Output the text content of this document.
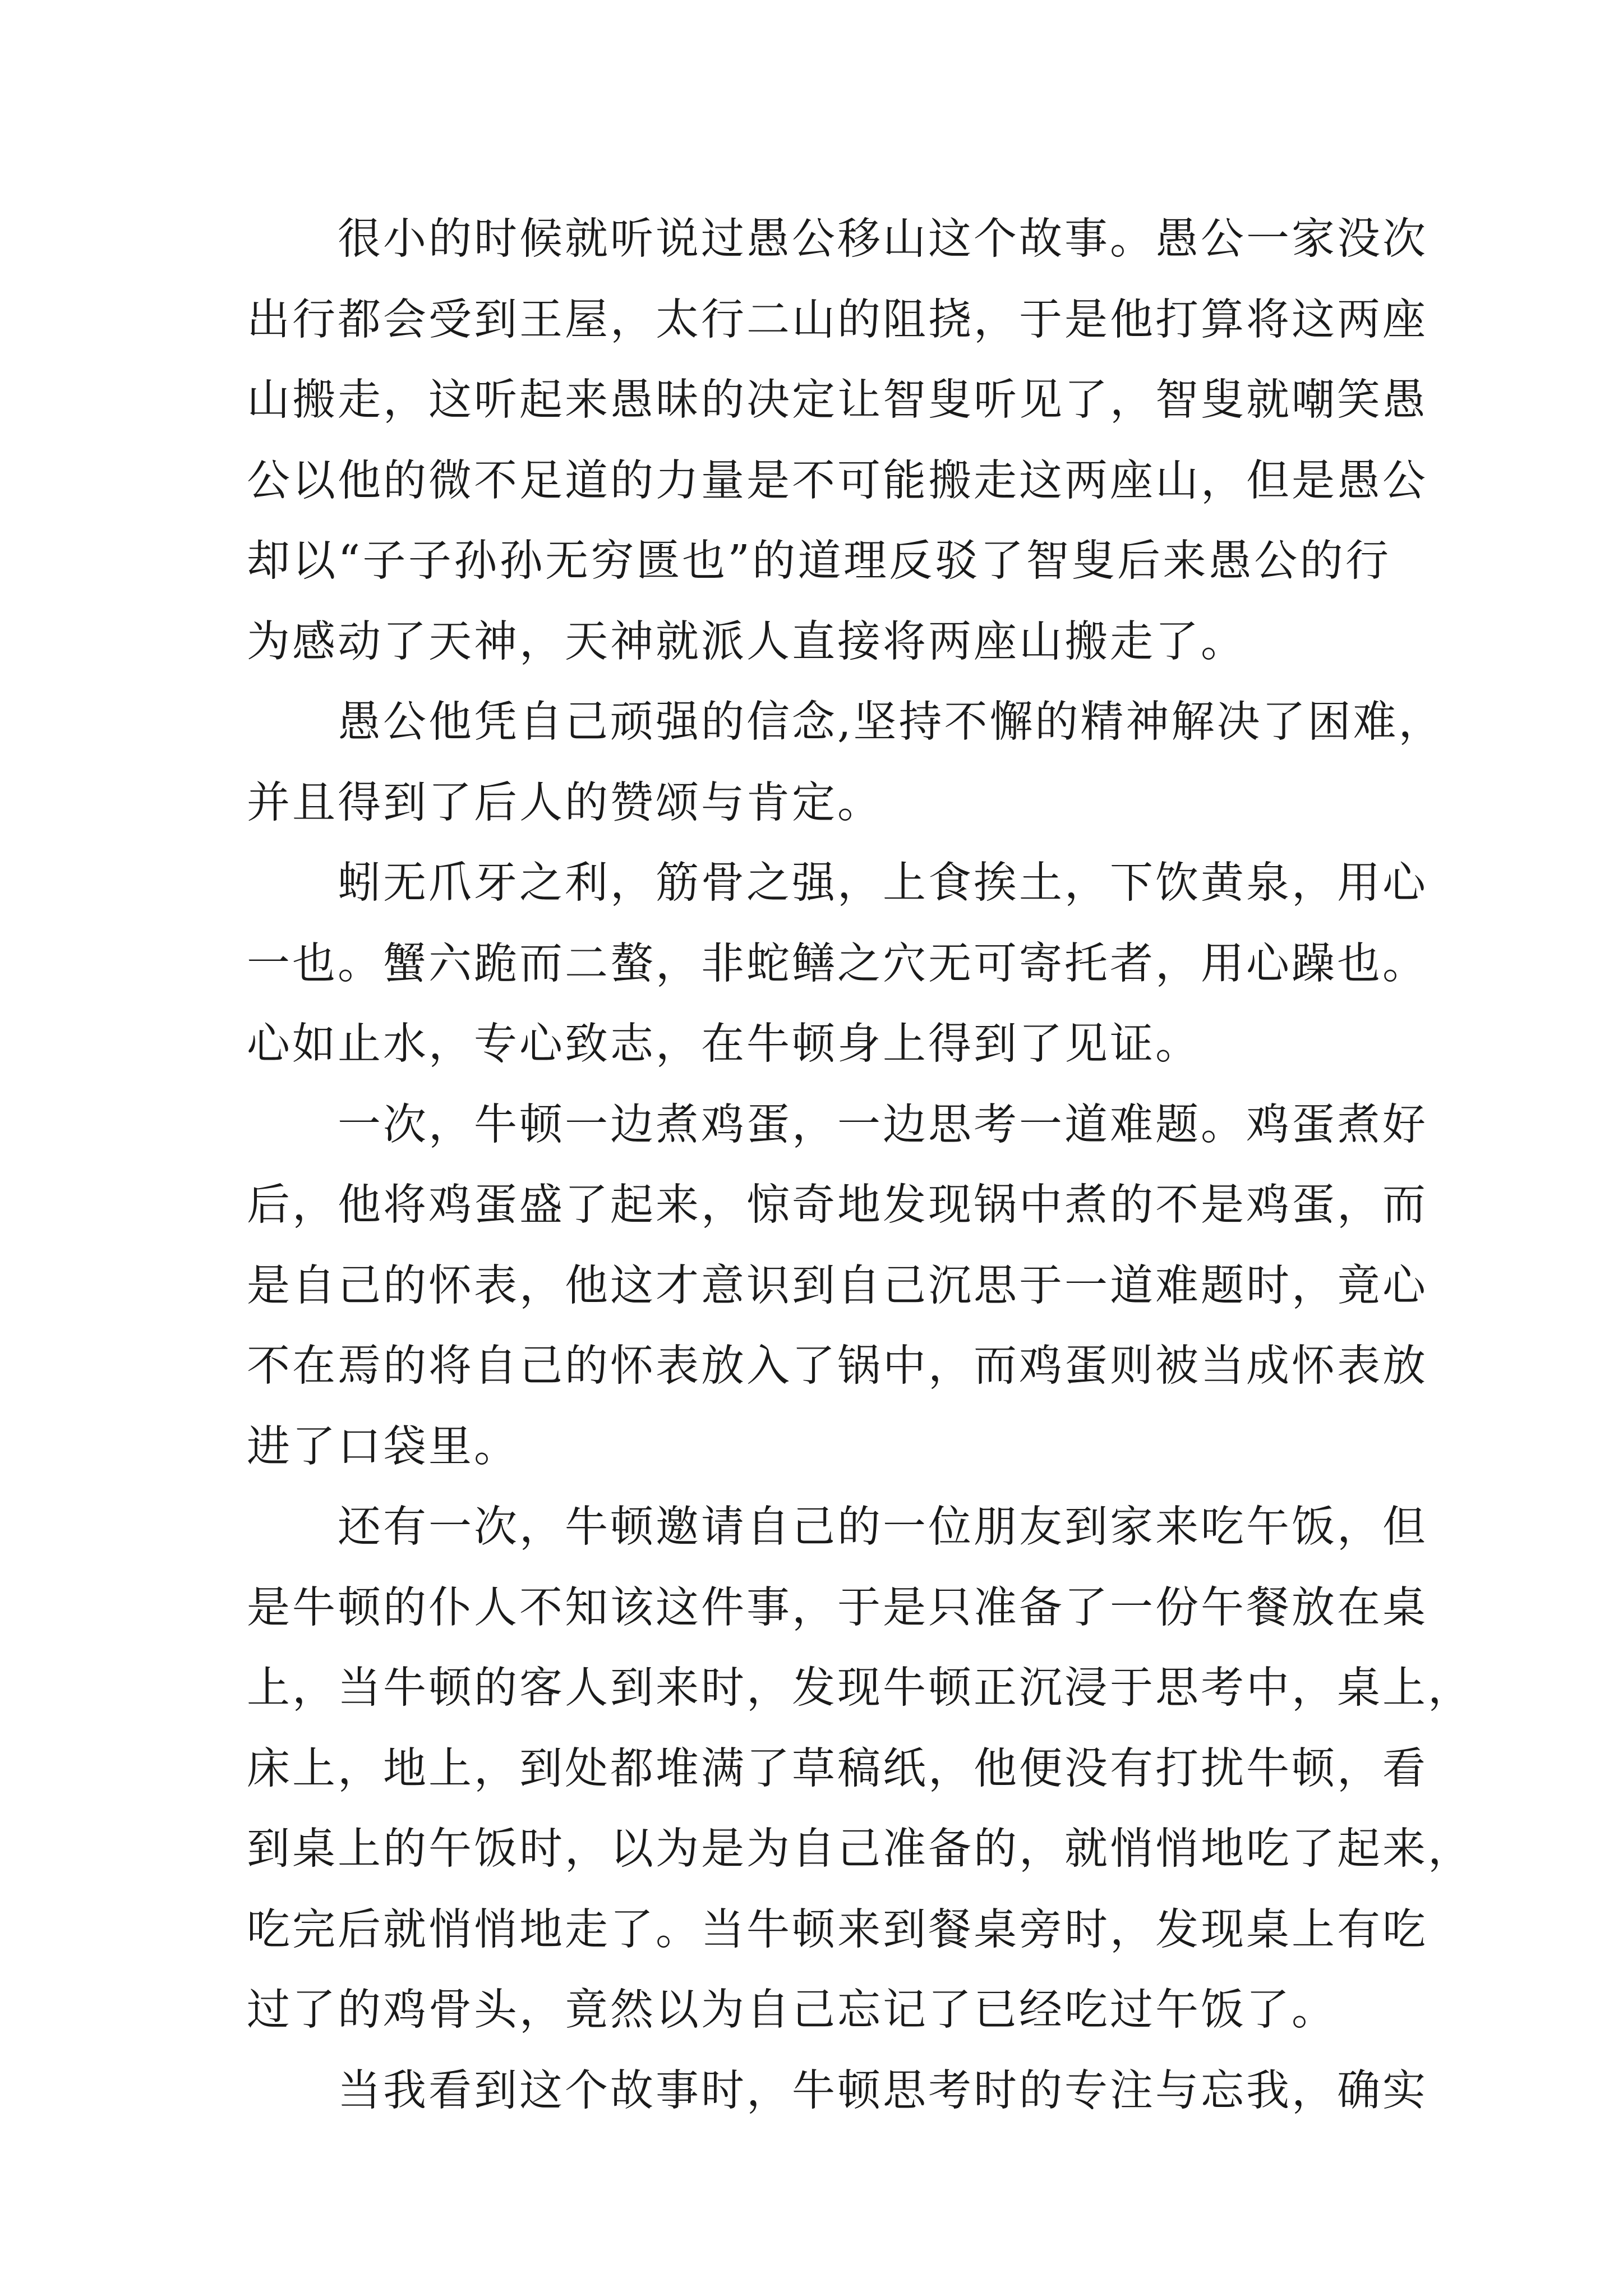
很小的时候就听说过愚公移山这个故事。愚公一家没次
出行都会受到王屋，太行二山的阻挠，于是他打算将这两座
山搬走，这听起来愚昧的决定让智叟听见了，智叟就嘲笑愚
公以他的微不足道的力量是不可能搬走这两座山，但是愚公
却以“子子孙孙无穷匮也”的道理反驳了智叟后来愚公的行
为感动了天神，天神就派人直接将两座山搬走了。
愚公他凭自己顽强的信念,坚持不懈的精神解决了困难，
并且得到了后人的赞颂与肯定。
蚓无爪牙之利，筋骨之强，上食挨土，下饮黄泉，用心
一也。蟹六跪而二螯，非蛇鳝之穴无可寄托者，用心躁也。
心如止水，专心致志，在牛顿身上得到了见证。
一次，牛顿一边煮鸡蛋，一边思考一道难题。鸡蛋煮好
后，他将鸡蛋盛了起来，惊奇地发现锅中煮的不是鸡蛋，而
是自己的怀表，他这才意识到自己沉思于一道难题时，竟心
不在焉的将自己的怀表放入了锅中，而鸡蛋则被当成怀表放
进了口袋里。
还有一次，牛顿邀请自己的一位朋友到家来吃午饭，但
是牛顿的仆人不知该这件事，于是只准备了一份午餐放在桌
上，当牛顿的客人到来时，发现牛顿正沉浸于思考中，桌上，
床上，地上，到处都堆满了草稿纸，他便没有打扰牛顿，看
到桌上的午饭时，以为是为自己准备的，就悄悄地吃了起来，
吃完后就悄悄地走了。当牛顿来到餐桌旁时，发现桌上有吃
过了的鸡骨头，竟然以为自己忘记了已经吃过午饭了。
当我看到这个故事时，牛顿思考时的专注与忘我，确实
